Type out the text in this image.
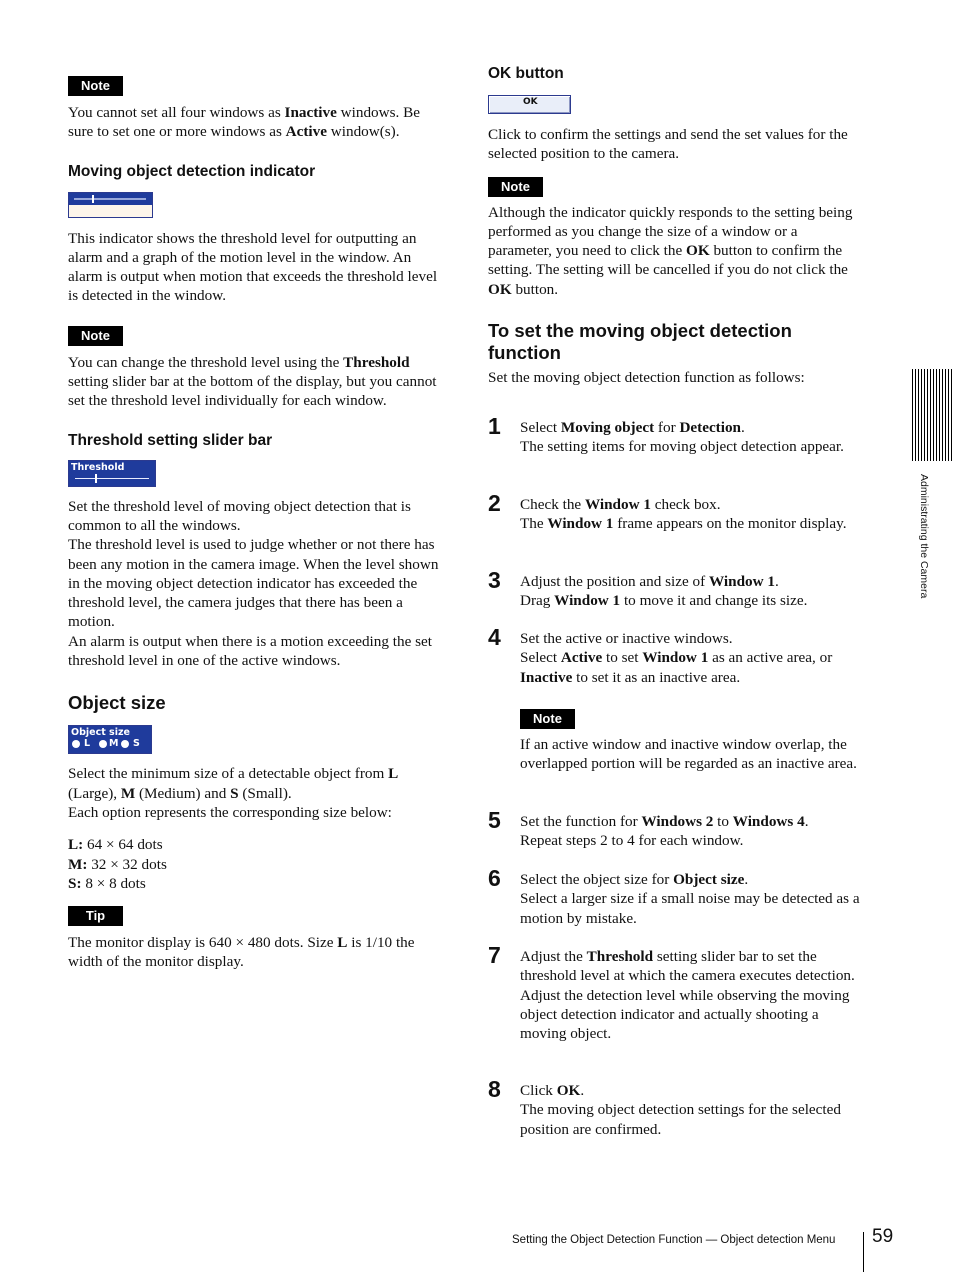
Note

You cannot set all four windows as Inactive windows. Be sure to set one or more windows as Active window(s).

Moving object detection indicator

This indicator shows the threshold level for outputting an alarm and a graph of the motion level in the window. An alarm is output when motion that exceeds the threshold level is detected in the window.

Note

You can change the threshold level using the Threshold setting slider bar at the bottom of the display, but you cannot set the threshold level individually for each window.

Threshold setting slider bar
Threshold

Set the threshold level of moving object detection that is common to all the windows.
The threshold level is used to judge whether or not there has been any motion in the camera image. When the level shown in the moving object detection indicator has exceeded the threshold level, the camera judges that there has been a motion.
An alarm is output when there is a motion exceeding the set threshold level in one of the active windows.

Object size
Object size
L M S

Select the minimum size of a detectable object from L (Large), M (Medium) and S (Small).
Each option represents the corresponding size below:

L: 64 × 64 dots
M: 32 × 32 dots
S: 8 × 8 dots

Tip

The monitor display is 640 × 480 dots. Size L is 1/10 the width of the monitor display.

OK button
OK

Click to confirm the settings and send the set values for the selected position to the camera.

Note

Although the indicator quickly responds to the setting being performed as you change the size of a window or a parameter, you need to click the OK button to confirm the setting. The setting will be cancelled if you do not click the OK button.

To set the moving object detection function

Set the moving object detection function as follows:

1 Select Moving object for Detection.
The setting items for moving object detection appear.
2 Check the Window 1 check box.
The Window 1 frame appears on the monitor display.
3 Adjust the position and size of Window 1.
Drag Window 1 to move it and change its size.
4 Set the active or inactive windows.
Select Active to set Window 1 as an active area, or Inactive to set it as an inactive area.
Note
If an active window and inactive window overlap, the overlapped portion will be regarded as an inactive area.
5 Set the function for Windows 2 to Windows 4.
Repeat steps 2 to 4 for each window.
6 Select the object size for Object size.
Select a larger size if a small noise may be detected as a motion by mistake.
7 Adjust the Threshold setting slider bar to set the threshold level at which the camera executes detection.
Adjust the detection level while observing the moving object detection indicator and actually shooting a moving object.
8 Click OK.
The moving object detection settings for the selected position are confirmed.
Administrating the Camera
Setting the Object Detection Function — Object detection Menu 59
